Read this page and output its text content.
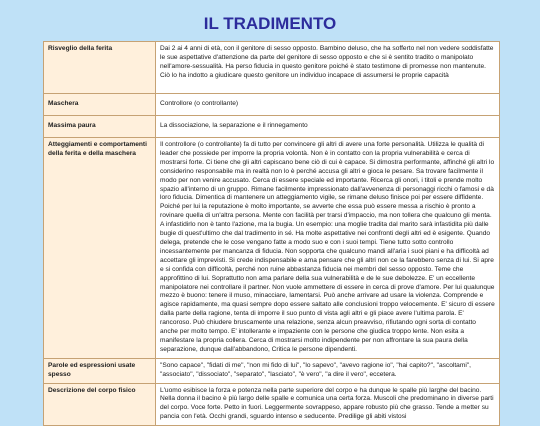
IL TRADIMENTO
Risveglio della ferita	Dai 2 ai 4 anni di età, con il genitore di sesso opposto. Bambino deluso, che ha sofferto nel non vedere soddisfatte le sue aspettative d'attenzione da parte del genitore di sesso opposto e che si è sentito tradito o manipolato nell'amore-sessualità. Ha perso fiducia in questo genitore poiché è stato testimone di promesse non mantenute. Ciò lo ha indotto a giudicare questo genitore un individuo incapace di assumersi le proprie capacità
Maschera	Controllore (o controllante)
Massima paura	La dissociazione, la separazione e il rinnegamento
Atteggiamenti e comportamenti della ferita e della maschera	Il controllore (o controllante) fa di tutto per convincere gli altri di avere una forte personalità. Utilizza le qualità di leader che possiede per imporre la propria volontà. Non è in contatto con la propria vulnerabilità e cerca di mostrarsi forte. Ci tiene che gli altri capiscano bene ciò di cui è capace. Si dimostra performante, affinché gli altri lo considerino responsabile ma in realtà non lo è perché accusa gli altri e gioca le pesare. Sa trovare facilmente il modo per non venire accusato. Cerca di essere speciale ed importante. Ricerca gli onori, i titoli e prende molto spazio all'interno di un gruppo. Rimane facilmente impressionato dall'avvenenza di personaggi ricchi o famosi e dà loro fiducia. Dimentica di mantenere un atteggiamento vigile, se rimane deluso finisce poi per essere diffidente. Poiché per lui la reputazione è molto importante, se avverte che essa può essere messa a rischio è pronto a rovinare quella di un'altra persona. Mente con facilità per trarsi d'impaccio, ma non tollera che qualcuno gli menta. A infastidirlo non è tanto l'azione, ma la bugia. Un esempio: una moglie tradita dal marito sarà infastidita più dalle bugie di quest'ultimo che dal tradimento in sé. Ha molte aspettative nei confronti degli altri ed è esigente. Quando delega, pretende che le cose vengano fatte a modo suo e con i suoi tempi. Tiene tutto sotto controllo incessantemente per mancanza di fiducia. Non sopporta che qualcuno mandi all'aria i suoi piani e ha difficoltà ad accettare gli imprevisti. Si crede indispensabile e ama pensare che gli altri non ce la farebbero senza di lui. Si apre e si confida con difficoltà, perché non ruine abbastanza fiducia nei membri del sesso opposto. Teme che approfittino di lui. Soprattutto non ama parlare della sua vulnerabilità e de le sue debolezze. E' un eccellente manipolatore nei controllare il partner. Non vuole ammettere di essere in cerca di prove d'amore. Per lui qualunque mezzo è buono: tenere il muso, minacciare, lamentarsi. Può anche arrivare ad usare la violenza. Comprende e agisce rapidamente, ma quasi sempre dopo essere saltato alle conclusioni troppo velocemente. E' sicuro di essere dalla parte della ragione, tenta di imporre il suo punto di vista agli altri e gli piace avere l'ultima parola. E' rancoroso. Può chiudere bruscamente una relazione, senza alcun preavviso, rifiutando ogni sorta di contatto anche per molto tempo. E' intollerante e impaziente con le persone che giudica troppo lente. Non esita a manifestare la propria collera. Cerca di mostrarsi molto indipendente per non affrontare la sua paura della separazione, dunque dall'abbandono, Critica le persone dipendenti.
Parole ed espressioni usate spesso	"Sono capace", "fidati di me", "non mi fido di lui", "lo sapevo", "avevo ragione io", "hai capito?", "ascoltami", "associato", "dissociato", "separato", "lasciato", "è vero", "a dire il vero", eccetera.
Descrizione del corpo fisico	L'uomo esibisce la forza e potenza nella parte superiore del corpo e ha dunque le spalle più larghe del bacino. Nella donna il bacino è più largo delle spalle e comunica una certa forza. Muscoli che predominano in diverse parti del corpo. Voce forte. Petto in fuori. Leggermente sovrappeso, appare robusto più che grasso. Tende a metter su pancia con l'età. Occhi grandi, sguardo intenso e seducente. Predilige gli abiti vistosi
